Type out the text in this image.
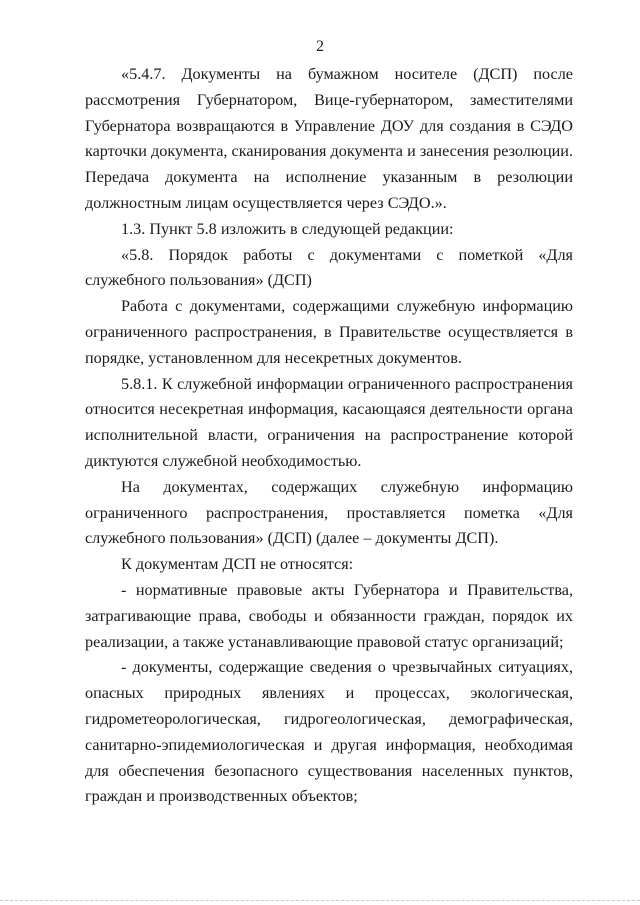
2

«5.4.7. Документы на бумажном носителе (ДСП) после рассмотрения Губернатором, Вице-губернатором, заместителями Губернатора возвращаются в Управление ДОУ для создания в СЭДО карточки документа, сканирования документа и занесения резолюции. Передача документа на исполнение указанным в резолюции должностным лицам осуществляется через СЭДО.».

1.3. Пункт 5.8 изложить в следующей редакции:

«5.8. Порядок работы с документами с пометкой «Для служебного пользования» (ДСП)

Работа с документами, содержащими служебную информацию ограниченного распространения, в Правительстве осуществляется в порядке, установленном для несекретных документов.

5.8.1. К служебной информации ограниченного распространения относится несекретная информация, касающаяся деятельности органа исполнительной власти, ограничения на распространение которой диктуются служебной необходимостью.

На документах, содержащих служебную информацию ограниченного распространения, проставляется пометка «Для служебного пользования» (ДСП) (далее – документы ДСП).

К документам ДСП не относятся:

- нормативные правовые акты Губернатора и Правительства, затрагивающие права, свободы и обязанности граждан, порядок их реализации, а также устанавливающие правовой статус организаций;

- документы, содержащие сведения о чрезвычайных ситуациях, опасных природных явлениях и процессах, экологическая, гидрометеорологическая, гидрогеологическая, демографическая, санитарно-эпидемиологическая и другая информация, необходимая для обеспечения безопасного существования населенных пунктов, граждан и производственных объектов;
